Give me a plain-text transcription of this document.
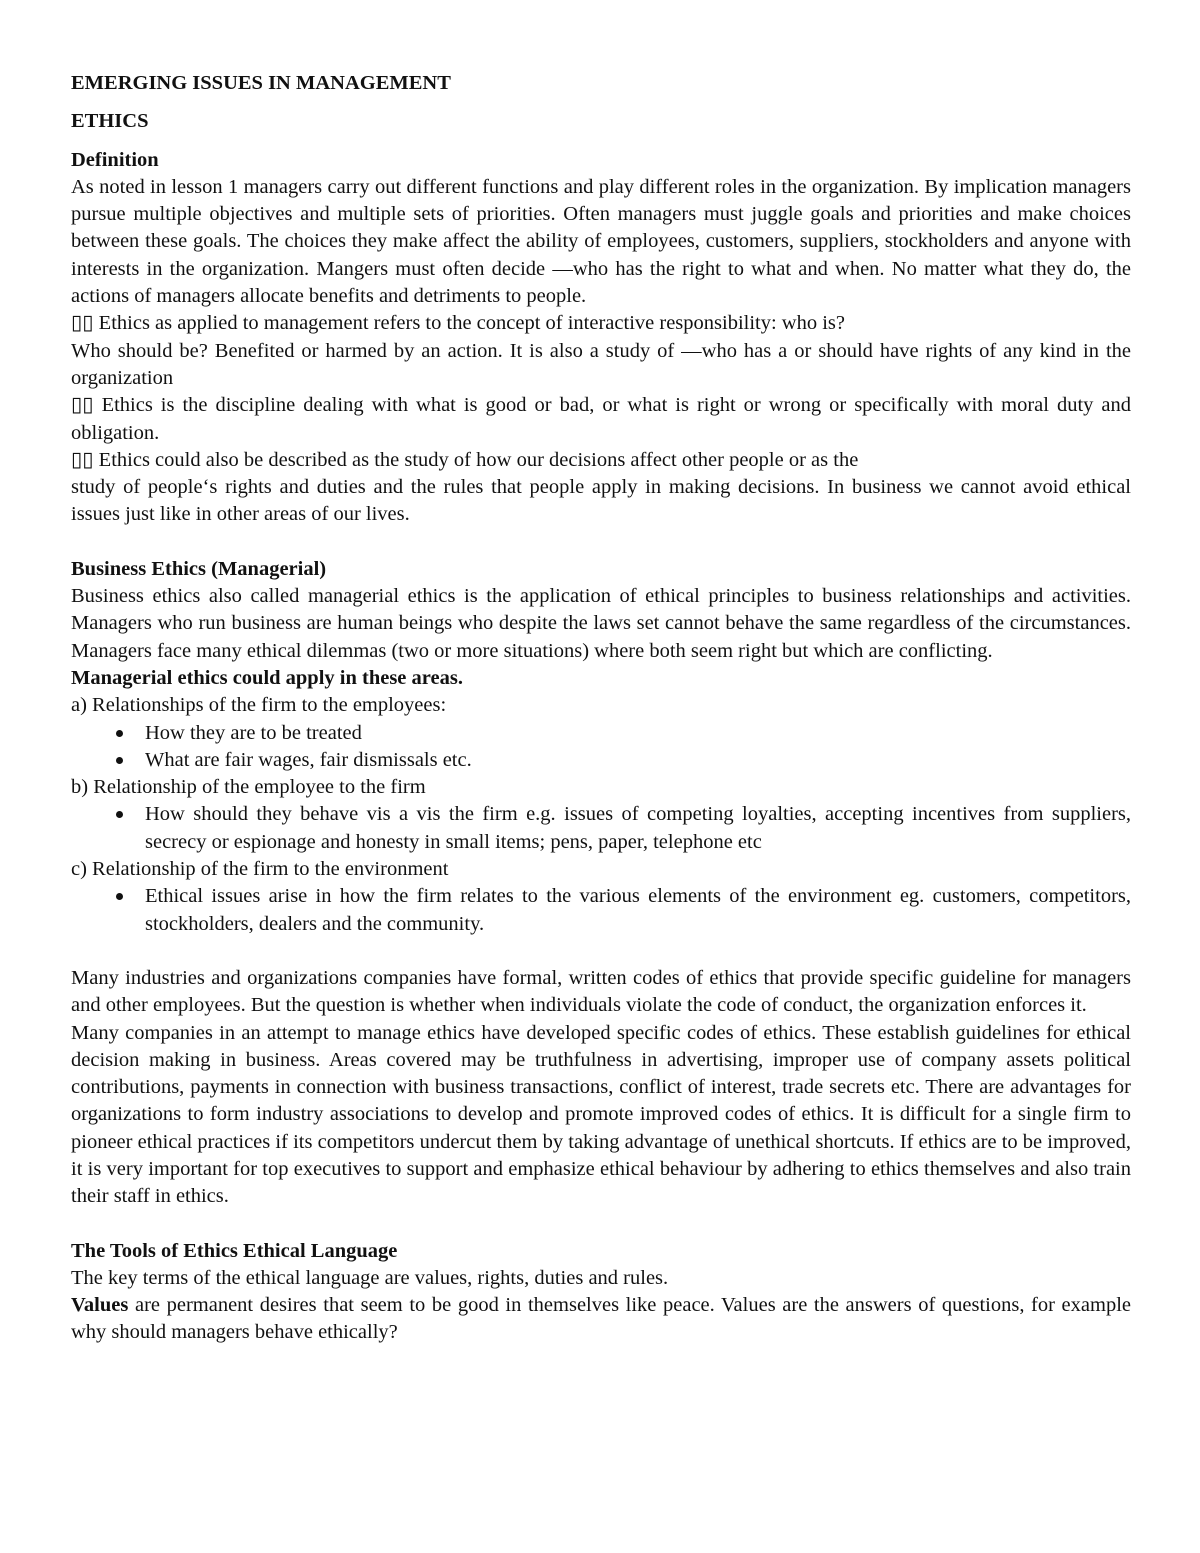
EMERGING ISSUES IN MANAGEMENT

ETHICS

Definition

As noted in lesson 1 managers carry out different functions and play different roles in the organization. By implication managers pursue multiple objectives and multiple sets of priorities. Often managers must juggle goals and priorities and make choices between these goals. The choices they make affect the ability of employees, customers, suppliers, stockholders and anyone with interests in the organization. Mangers must often decide —who has the right to what and when. No matter what they do, the actions of managers allocate benefits and detriments to people.

▯▯ Ethics as applied to management refers to the concept of interactive responsibility: who is?

Who should be? Benefited or harmed by an action. It is also a study of —who has a or should have rights of any kind in the organization

▯▯ Ethics is the discipline dealing with what is good or bad, or what is right or wrong or specifically with moral duty and obligation.

▯▯ Ethics could also be described as the study of how our decisions affect other people or as the

study of people‘s rights and duties and the rules that people apply in making decisions. In business we cannot avoid ethical issues just like in other areas of our lives.

Business Ethics (Managerial)

Business ethics also called managerial ethics is the application of ethical principles to business relationships and activities. Managers who run business are human beings who despite the laws set cannot behave the same regardless of the circumstances. Managers face many ethical dilemmas (two or more situations) where both seem right but which are conflicting.

Managerial ethics could apply in these areas.

a) Relationships of the firm to the employees:

How they are to be treated
What are fair wages, fair dismissals etc.

b) Relationship of the employee to the firm

How should they behave vis a vis the firm e.g. issues of competing loyalties, accepting incentives from suppliers, secrecy or espionage and honesty in small items; pens, paper, telephone etc

c) Relationship of the firm to the environment

Ethical issues arise in how the firm relates to the various elements of the environment eg. customers, competitors, stockholders, dealers and the community.

Many industries and organizations companies have formal, written codes of ethics that provide specific guideline for managers and other employees. But the question is whether when individuals violate the code of conduct, the organization enforces it.

Many companies in an attempt to manage ethics have developed specific codes of ethics. These establish guidelines for ethical decision making in business. Areas covered may be truthfulness in advertising, improper use of company assets political contributions, payments in connection with business transactions, conflict of interest, trade secrets etc. There are advantages for organizations to form industry associations to develop and promote improved codes of ethics. It is difficult for a single firm to pioneer ethical practices if its competitors undercut them by taking advantage of unethical shortcuts. If ethics are to be improved, it is very important for top executives to support and emphasize ethical behaviour by adhering to ethics themselves and also train their staff in ethics.

The Tools of Ethics Ethical Language

The key terms of the ethical language are values, rights, duties and rules.

Values are permanent desires that seem to be good in themselves like peace. Values are the answers of questions, for example why should managers behave ethically?
